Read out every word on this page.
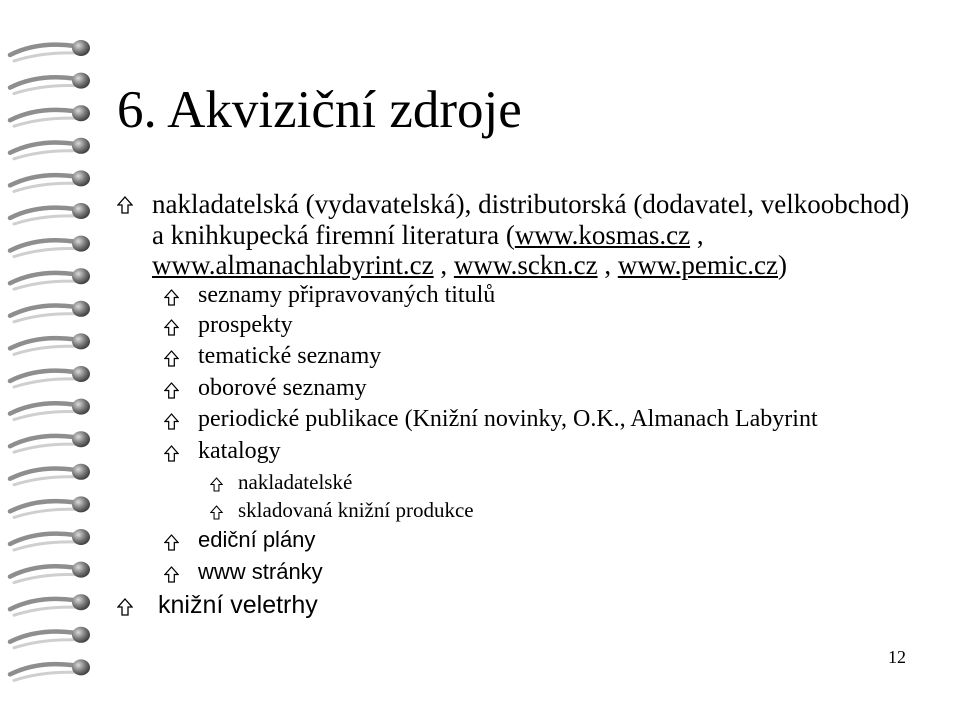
6. Akviziční zdroje
nakladatelská (vydavatelská), distributorská (dodavatel, velkoobchod)
a knihkupecká firemní literatura (www.kosmas.cz ,
www.almanachlabyrint.cz , www.sckn.cz , www.pemic.cz)
seznamy připravovaných titulů
prospekty
tematické seznamy
oborové seznamy
periodické publikace (Knižní novinky, O.K., Almanach Labyrint
katalogy
nakladatelské
skladovaná knižní produkce
ediční plány
www stránky
knižní veletrhy
12
